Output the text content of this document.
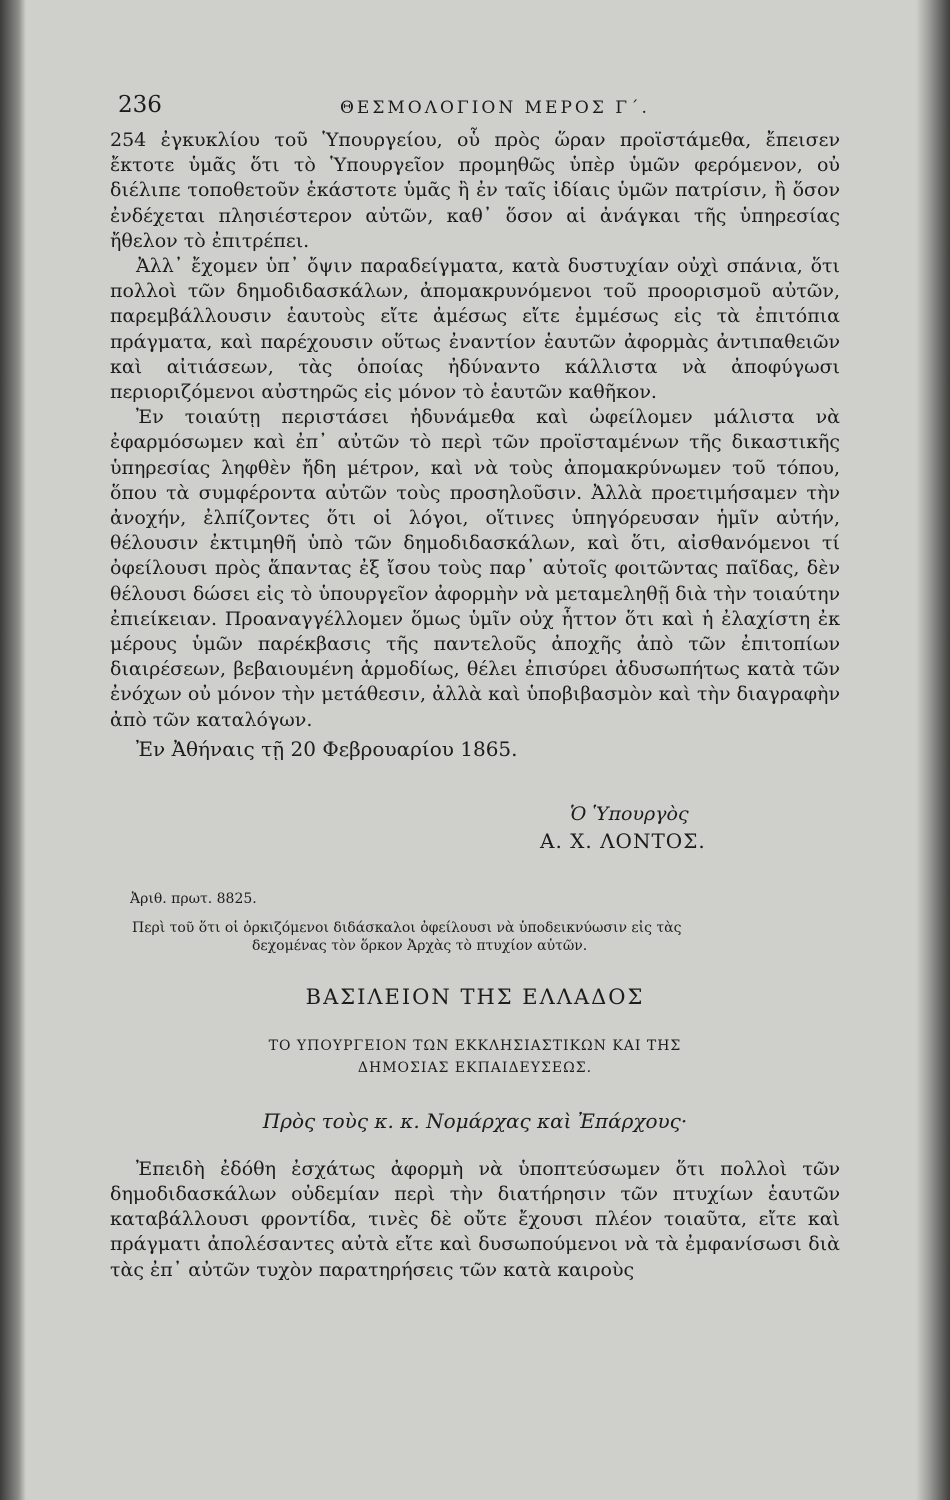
236	ΘΕΣΜΟΛΟΓΙΟΝ ΜΕΡΟΣ Γ΄.

254 ἐγκυκλίου τοῦ Ὑπουργείου, οὗ πρὸς ὥραν προϊστάμεθα, ἔπεισεν ἔκτοτε ὑμᾶς ὅτι τὸ Ὑπουργεῖον προμηθῶς ὑπὲρ ὑμῶν φερόμενον, οὐ διέλιπε τοποθετοῦν ἑκάστοτε ὑμᾶς ἢ ἐν ταῖς ἰδίαις ὑμῶν πατρίσιν, ἢ ὅσον ἐνδέχεται πλησιέστερον αὐτῶν, καθ᾽ ὅσον αἱ ἀνάγκαι τῆς ὑπηρεσίας ἤθελον τὸ ἐπιτρέπει.

Ἀλλ᾽ ἔχομεν ὑπ᾽ ὄψιν παραδείγματα, κατὰ δυστυχίαν οὐχὶ σπάνια, ὅτι πολλοὶ τῶν δημοδιδασκάλων, ἀπομακρυνόμενοι τοῦ προορισμοῦ αὐτῶν, παρεμβάλλουσιν ἑαυτοὺς εἴτε ἀμέσως εἴτε ἐμμέσως εἰς τὰ ἐπιτόπια πράγματα, καὶ παρέχουσιν οὕτως ἐναντίον ἑαυτῶν ἀφορμὰς ἀντιπαθειῶν καὶ αἰτιάσεων, τὰς ὁποίας ἠδύναντο κάλλιστα νὰ ἀποφύγωσι περιοριζόμενοι αὐστηρῶς εἰς μόνον τὸ ἑαυτῶν καθῆκον.

Ἐν τοιαύτῃ περιστάσει ἠδυνάμεθα καὶ ὠφείλομεν μάλιστα νὰ ἐφαρμόσωμεν καὶ ἐπ᾽ αὐτῶν τὸ περὶ τῶν προϊσταμένων τῆς δικαστικῆς ὑπηρεσίας ληφθὲν ἤδη μέτρον, καὶ νὰ τοὺς ἀπομακρύνωμεν τοῦ τόπου, ὅπου τὰ συμφέροντα αὐτῶν τοὺς προσηλοῦσιν. Ἀλλὰ προετιμήσαμεν τὴν ἀνοχήν, ἐλπίζοντες ὅτι οἱ λόγοι, οἵτινες ὑπηγόρευσαν ἡμῖν αὐτήν, θέλουσιν ἐκτιμηθῆ ὑπὸ τῶν δημοδιδασκάλων, καὶ ὅτι, αἰσθανόμενοι τί ὀφείλουσι πρὸς ἅπαντας ἐξ ἴσου τοὺς παρ᾽ αὐτοῖς φοιτῶντας παῖδας, δὲν θέλουσι δώσει εἰς τὸ ὑπουργεῖον ἀφορμὴν νὰ μεταμεληθῇ διὰ τὴν τοιαύτην ἐπιείκειαν. Προαναγγέλλομεν ὅμως ὑμῖν οὐχ ἧττον ὅτι καὶ ἡ ἐλαχίστη ἐκ μέρους ὑμῶν παρέκβασις τῆς παντελοῦς ἀποχῆς ἀπὸ τῶν ἐπιτοπίων διαιρέσεων, βεβαιουμένη ἁρμοδίως, θέλει ἐπισύρει ἀδυσωπήτως κατὰ τῶν ἐνόχων οὐ μόνον τὴν μετάθεσιν, ἀλλὰ καὶ ὑποβιβασμὸν καὶ τὴν διαγραφὴν ἀπὸ τῶν καταλόγων.

Ἐν Ἀθήναις τῇ 20 Φεβρουαρίου 1865.
Ὁ Ὑπουργὸς
Α. Χ. ΛΟΝΤΟΣ.
Ἀριθ. πρωτ. 8825.
Περὶ τοῦ ὅτι οἱ ὁρκιζόμενοι διδάσκαλοι ὀφείλουσι νὰ ὑποδεικνύωσιν εἰς τὰς
δεχομένας τὸν ὅρκον Ἀρχὰς τὸ πτυχίον αὐτῶν.
ΒΑΣΙΛΕΙΟΝ ΤΗΣ ΕΛΛΑΔΟΣ
ΤΟ ΥΠΟΥΡΓΕΙΟΝ ΤΩΝ ΕΚΚΛΗΣΙΑΣΤΙΚΩΝ ΚΑΙ ΤΗΣ
ΔΗΜΟΣΙΑΣ ΕΚΠΑΙΔΕΥΣΕΩΣ.
Πρὸς τοὺς κ. κ. Νομάρχας καὶ Ἐπάρχους·

Ἐπειδὴ ἐδόθη ἐσχάτως ἀφορμὴ νὰ ὑποπτεύσωμεν ὅτι πολλοὶ τῶν δημοδιδασκάλων οὐδεμίαν περὶ τὴν διατήρησιν τῶν πτυχίων ἑαυτῶν καταβάλλουσι φροντίδα, τινὲς δὲ οὔτε ἔχουσι πλέον τοιαῦτα, εἴτε καὶ πράγματι ἀπολέσαντες αὐτὰ εἴτε καὶ δυσωπούμενοι νὰ τὰ ἐμφανίσωσι διὰ τὰς ἐπ᾽ αὐτῶν τυχὸν παρατηρήσεις τῶν κατὰ καιροὺς
